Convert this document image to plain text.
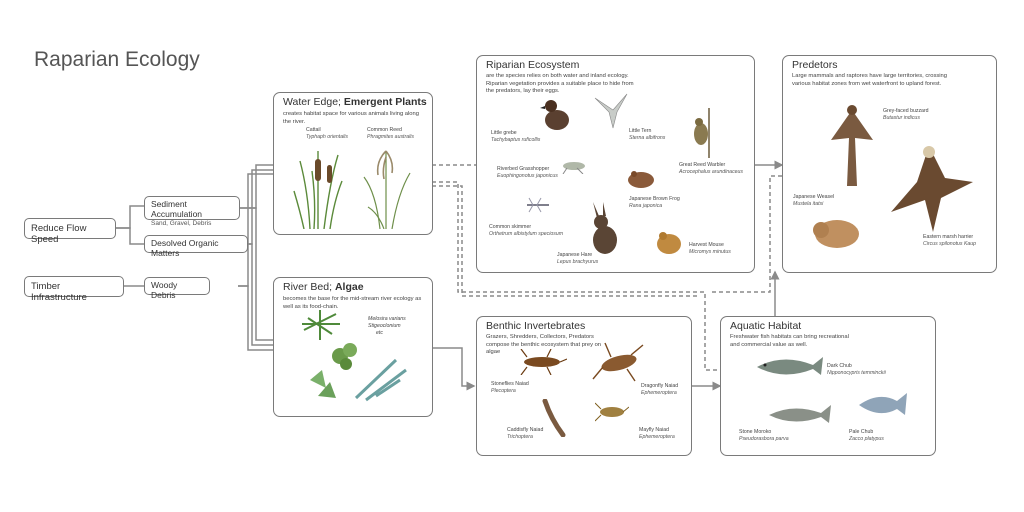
Raparian Ecology
Reduce Flow Speed
Timber Infrastructure
Sediment Accumulation
Sand, Gravel, Debris
Desolved Organic Matters
Woody Debris
Water Edge; Emergent Plants
creates habitat space for various animals living along the river.
Cattail
Typhaph orientalis
Common Reed
Phragmites australis
River Bed; Algae
becomes the base for the mid-stream river ecology as well as its food-chain.
Melosira varians
Stigeoclonium
etc
Riparian Ecosystem
are the species relies on both water and inland ecology. Riparian vegetation provides a suitable place to hide from the predators, lay their eggs.
Little grebe
Tachybaptus ruficollis
Little Tern
Sterna albifrons
Great Reed Warbler
Acrocephalus arundinaceus
Riverbed Grasshopper
Euophingonotus japonicus
Japanese Brown Frog
Rana japonica
Common skimmer
Orthetrum albistylum speciosum
Japanese Hare
Lepus brachyurus
Harvest Mouse
Micromys minutus
Predetors
Large mammals and raptores have large territories, crossing various habitat zones from wet waterfront to upland forest.
Grey-faced buzzard
Butastur indicus
Japanese Weasel
Mustela itatsi
Eastern marsh harrier
Circus spilonotus Kaup
Benthic Invertebrates
Grazers, Shredders, Collectors, Predators compose the benthic ecosystem that prey on algae
Stoneflies Naiad
Plecoptera
Dragonfly Naiad
Ephemeroptera
Caddisfly Naiad
Trichoptera
Mayfly Naiad
Ephemeroptera
Aquatic Habitat
Freshwater fish habitats can bring recreational and commercial value as well.
Dark Chub
Nipponocypris temminckii
Stone Moroko
Pseudorasbora parva
Pale Chub
Zacco platypus
